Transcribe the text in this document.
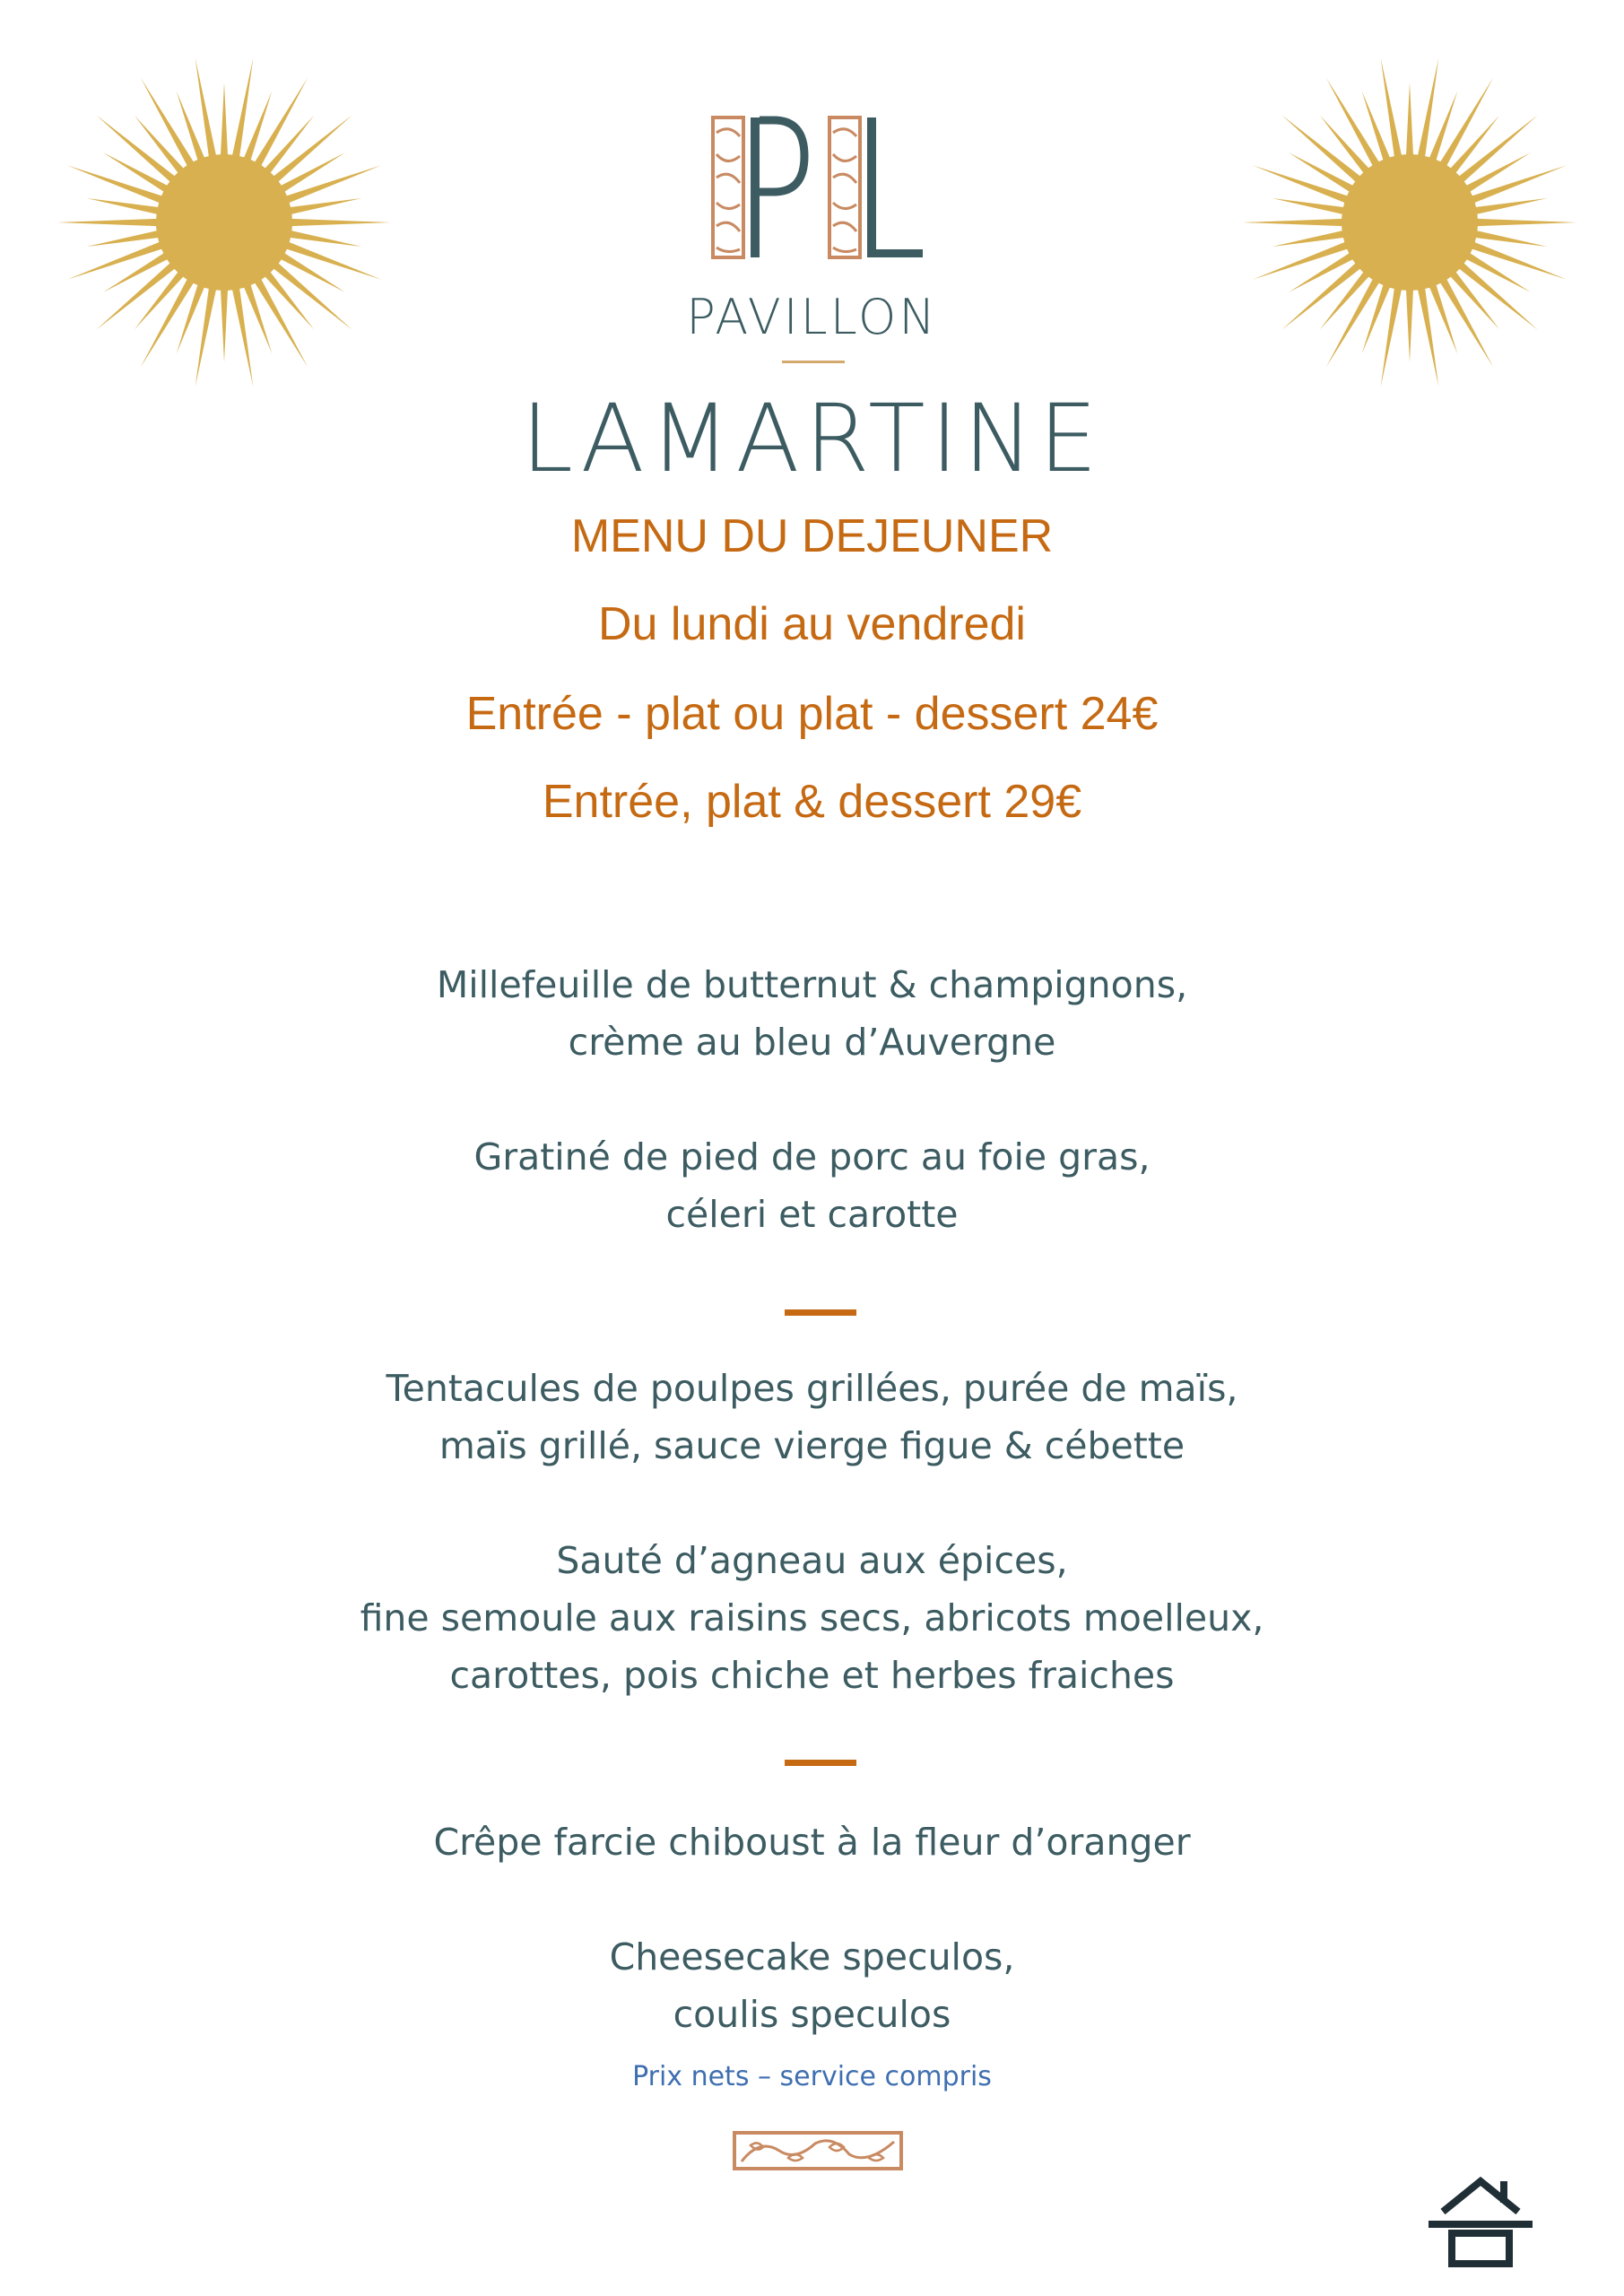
PAVILLON
LAMARTINE
MENU DU DEJEUNER
Du lundi au vendredi
Entrée - plat ou plat - dessert 24€
Entrée, plat & dessert 29€
Millefeuille de butternut & champignons,
crème au bleu d’Auvergne
Gratiné de pied de porc au foie gras,
céleri et carotte
Tentacules de poulpes grillées, purée de maïs,
maïs grillé, sauce vierge figue & cébette
Sauté d’agneau aux épices,
fine semoule aux raisins secs, abricots moelleux,
carottes, pois chiche et herbes fraiches
Crêpe farcie chiboust à la fleur d’oranger
Cheesecake speculos,
coulis speculos
Prix nets – service compris
